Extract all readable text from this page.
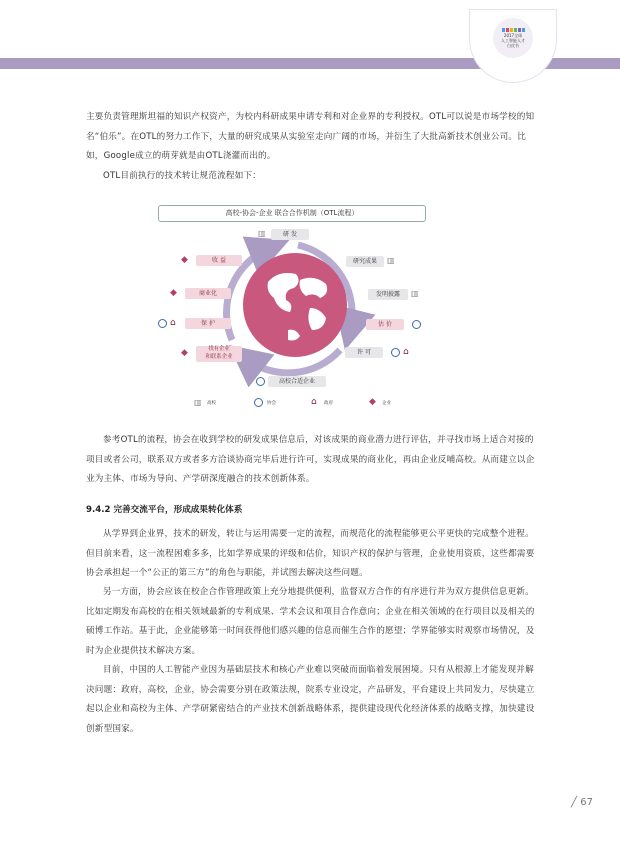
2017全球
人工智能人才
白皮书

主要负责管理斯坦福的知识产权资产，为校内科研成果申请专利和对企业界的专利授权。OTL可以说是市场学校的知名“伯乐”。在OTL的努力工作下，大量的研究成果从实验室走向广阔的市场，并衍生了大批高新技术创业公司。比如，Google成立的萌芽就是由OTL浇灌而出的。

OTL目前执行的技术转让规范流程如下：

高校-协会-企业 联合合作机制（OTL流程）
▥	研 发
研究成果	▥
发明披露	▥
估 价
许 可	⌂
高校合适企业
◆	收 益
◆	商业化
⌂	保 护
◆	找有企业
和联系企业
▥ 高校	协会	⌂ 政府	◆ 企业

参考OTL的流程，协会在收到学校的研发成果信息后，对该成果的商业潜力进行评估，并寻找市场上适合对接的项目或者公司，联系双方或者多方洽谈协商完毕后进行许可，实现成果的商业化，再由企业反哺高校。从而建立以企业为主体、市场为导向、产学研深度融合的技术创新体系。

9.4.2 完善交流平台，形成成果转化体系

从学界到企业界，技术的研发，转让与运用需要一定的流程，而规范化的流程能够更公平更快的完成整个进程。但目前来看，这一流程困难多多，比如学界成果的评级和估价，知识产权的保护与管理，企业使用资质，这些都需要协会承担起一个“公正的第三方”的角色与职能，并试图去解决这些问题。

另一方面，协会应该在校企合作管理政策上充分地提供便利，监督双方合作的有序进行并为双方提供信息更新。比如定期发布高校的在相关领域最新的专利成果、学术会议和项目合作意向；企业在相关领域的在行项目以及相关的硕博工作站。基于此，企业能够第一时间获得他们感兴趣的信息而催生合作的愿望；学界能够实时观察市场情况，及时为企业提供技术解决方案。

目前，中国的人工智能产业因为基础层技术和核心产业难以突破而面临着发展困境。只有从根源上才能发现并解决问题：政府，高校，企业，协会需要分别在政策法规，院系专业设定，产品研发，平台建设上共同发力，尽快建立起以企业和高校为主体、产学研紧密结合的产业技术创新战略体系，提供建设现代化经济体系的战略支撑，加快建设创新型国家。

╱ 67
